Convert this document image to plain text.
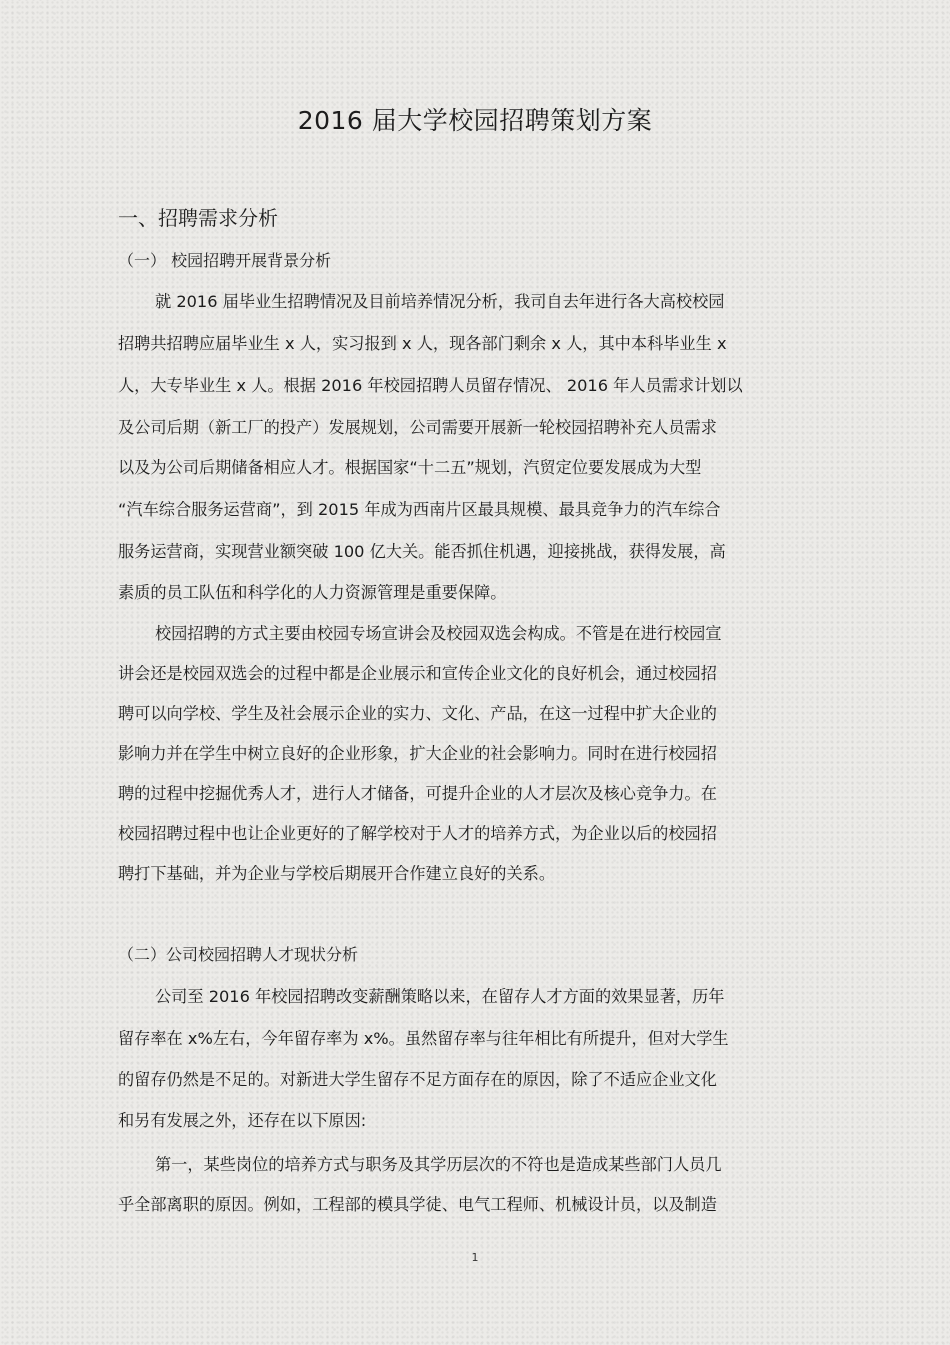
2016 届大学校园招聘策划方案
一、招聘需求分析
（一） 校园招聘开展背景分析

就 2016 届毕业生招聘情况及目前培养情况分析，我司自去年进行各大高校校园

招聘共招聘应届毕业生 x 人，实习报到 x 人，现各部门剩余 x 人，其中本科毕业生 x

人，大专毕业生 x 人。根据 2016 年校园招聘人员留存情况、 2016 年人员需求计划以

及公司后期（新工厂的投产）发展规划，公司需要开展新一轮校园招聘补充人员需求

以及为公司后期储备相应人才。根据国家“十二五”规划，汽贸定位要发展成为大型

“汽车综合服务运营商”，到 2015 年成为西南片区最具规模、最具竞争力的汽车综合

服务运营商，实现营业额突破 100 亿大关。能否抓住机遇，迎接挑战，获得发展，高

素质的员工队伍和科学化的人力资源管理是重要保障。

校园招聘的方式主要由校园专场宣讲会及校园双选会构成。不管是在进行校园宣

讲会还是校园双选会的过程中都是企业展示和宣传企业文化的良好机会，通过校园招

聘可以向学校、学生及社会展示企业的实力、文化、产品，在这一过程中扩大企业的

影响力并在学生中树立良好的企业形象，扩大企业的社会影响力。同时在进行校园招

聘的过程中挖掘优秀人才，进行人才储备，可提升企业的人才层次及核心竞争力。在

校园招聘过程中也让企业更好的了解学校对于人才的培养方式，为企业以后的校园招

聘打下基础，并为企业与学校后期展开合作建立良好的关系。

（二）公司校园招聘人才现状分析

公司至 2016 年校园招聘改变薪酬策略以来，在留存人才方面的效果显著，历年

留存率在 x%左右，今年留存率为 x%。虽然留存率与往年相比有所提升，但对大学生

的留存仍然是不足的。对新进大学生留存不足方面存在的原因，除了不适应企业文化

和另有发展之外，还存在以下原因:

第一，某些岗位的培养方式与职务及其学历层次的不符也是造成某些部门人员几

乎全部离职的原因。例如，工程部的模具学徒、电气工程师、机械设计员，以及制造

1
